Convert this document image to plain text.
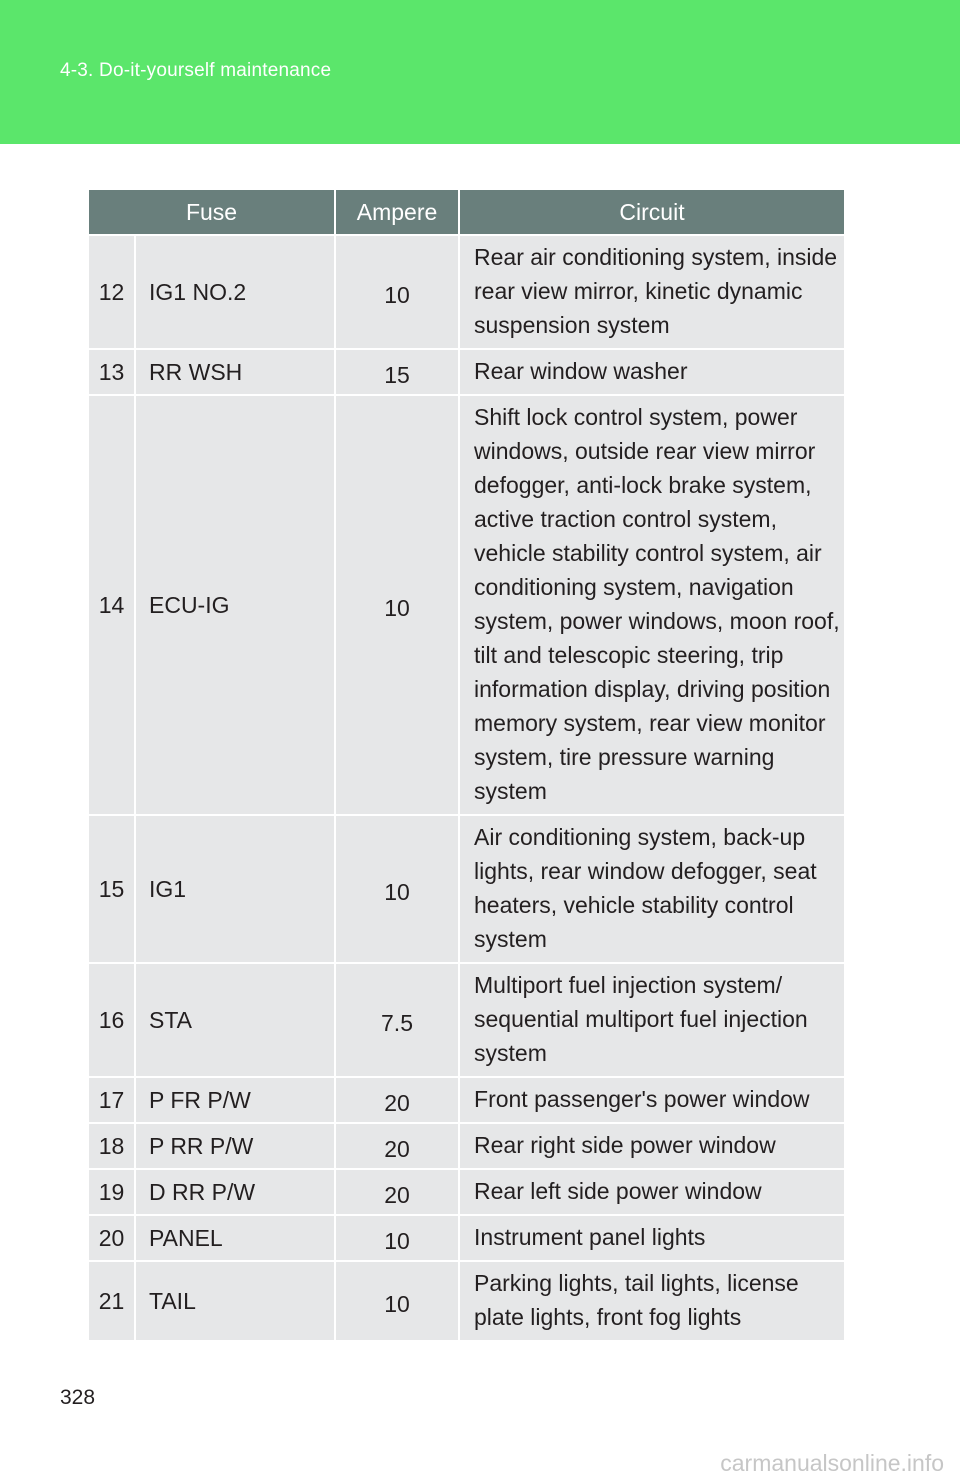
4-3. Do-it-yourself maintenance
Fuse		Ampere	Circuit
12	IG1 NO.2	10	Rear air conditioning system, inside rear view mirror, kinetic dynamic suspension system
13	RR WSH	15	Rear window washer
14	ECU-IG	10	Shift lock control system, power windows, outside rear view mirror defogger, anti-lock brake system, active traction control system, vehicle stability control system, air conditioning system, navigation system, power windows, moon roof, tilt and telescopic steering, trip information display, driving position memory system, rear view monitor system, tire pressure warning system
15	IG1	10	Air conditioning system, back-up lights, rear window defogger, seat heaters, vehicle stability control system
16	STA	7.5	Multiport fuel injection system/ sequential multiport fuel injection system
17	P FR P/W	20	Front passenger's power window
18	P RR P/W	20	Rear right side power window
19	D RR P/W	20	Rear left side power window
20	PANEL	10	Instrument panel lights
21	TAIL	10	Parking lights, tail lights, license plate lights, front fog lights
328
carmanualsonline.info
